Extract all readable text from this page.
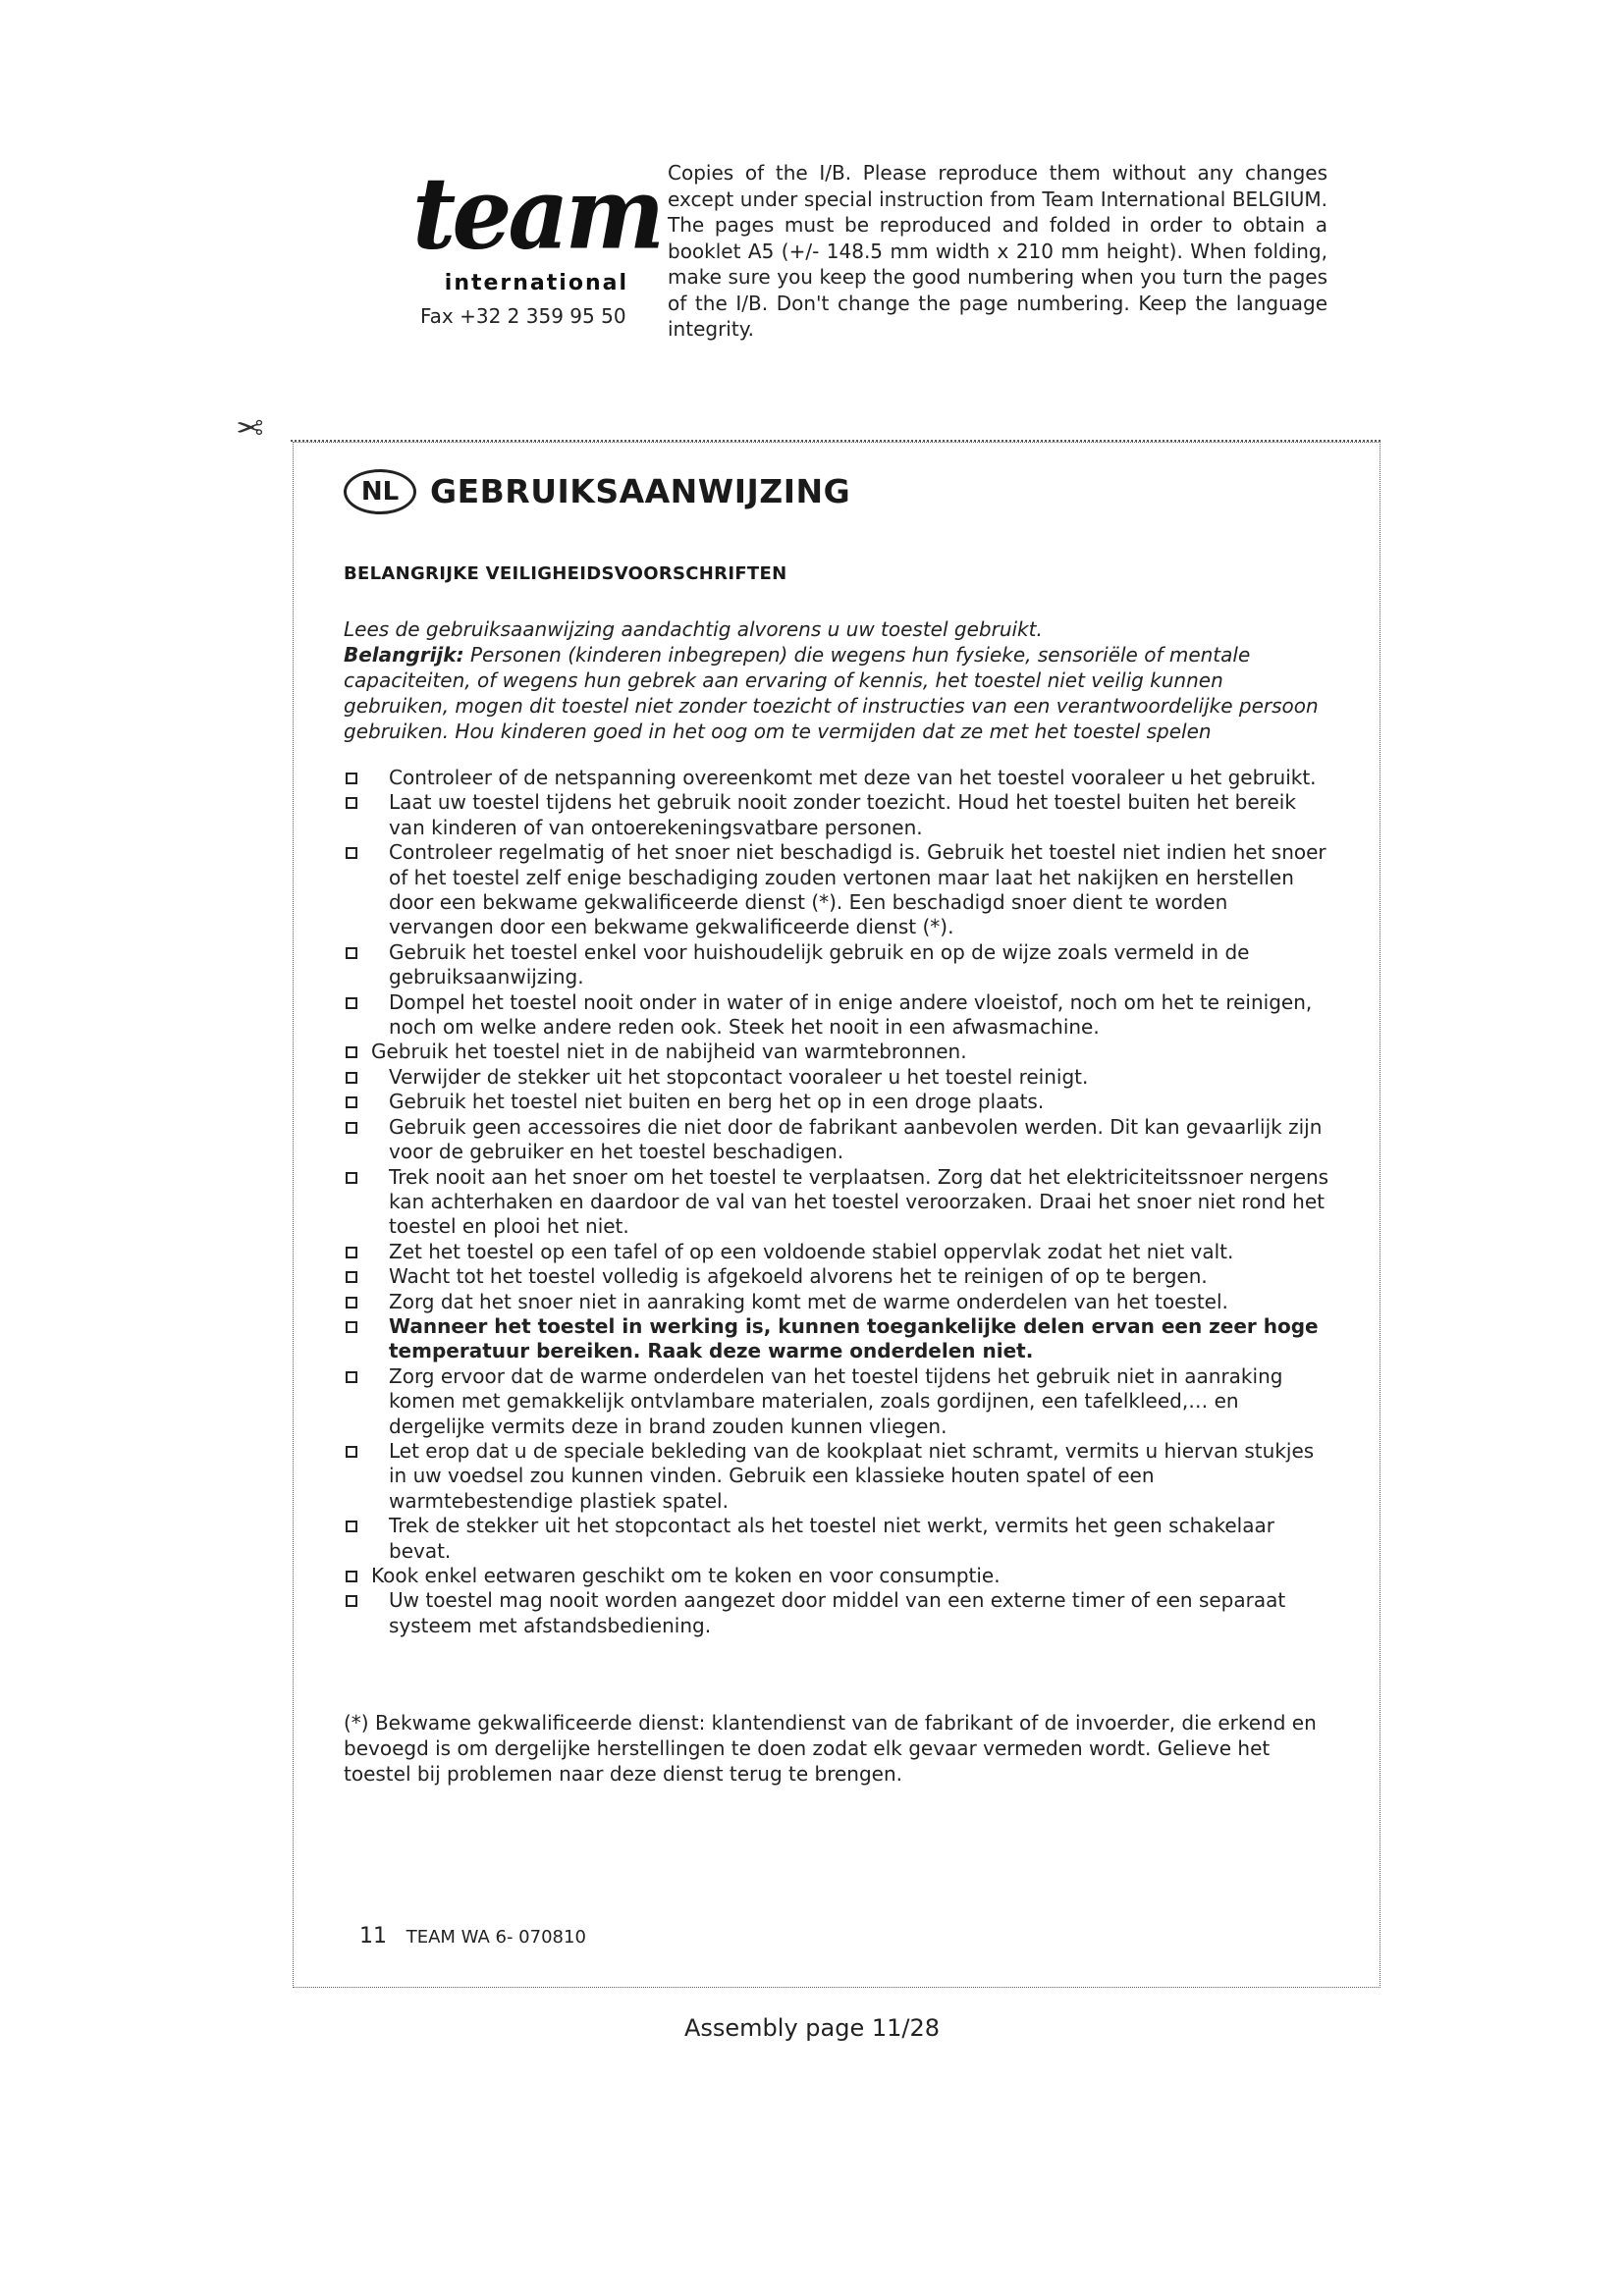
team
international
Fax +32 2 359 95 50
Copies of the I/B. Please reproduce them without any changes except under special instruction from Team International BELGIUM. The pages must be reproduced and folded in order to obtain a booklet A5 (+/- 148.5 mm width x 210 mm height). When folding, make sure you keep the good numbering when you turn the pages of the I/B. Don't change the page numbering. Keep the language integrity.
✂
NL GEBRUIKSAANWIJZING
BELANGRIJKE VEILIGHEIDSVOORSCHRIFTEN

Lees de gebruiksaanwijzing aandachtig alvorens u uw toestel gebruikt.

Belangrijk: Personen (kinderen inbegrepen) die wegens hun fysieke, sensoriële of mentale capaciteiten, of wegens hun gebrek aan ervaring of kennis, het toestel niet veilig kunnen gebruiken, mogen dit toestel niet zonder toezicht of instructies van een verantwoordelijke persoon gebruiken. Hou kinderen goed in het oog om te vermijden dat ze met het toestel spelen

Controleer of de netspanning overeenkomt met deze van het toestel vooraleer u het gebruikt.
Laat uw toestel tijdens het gebruik nooit zonder toezicht. Houd het toestel buiten het bereik van kinderen of van ontoerekeningsvatbare personen.
Controleer regelmatig of het snoer niet beschadigd is. Gebruik het toestel niet indien het snoer of het toestel zelf enige beschadiging zouden vertonen maar laat het nakijken en herstellen door een bekwame gekwalificeerde dienst (*). Een beschadigd snoer dient te worden vervangen door een bekwame gekwalificeerde dienst (*).
Gebruik het toestel enkel voor huishoudelijk gebruik en op de wijze zoals vermeld in de gebruiksaanwijzing.
Dompel het toestel nooit onder in water of in enige andere vloeistof, noch om het te reinigen, noch om welke andere reden ook. Steek het nooit in een afwasmachine.
Gebruik het toestel niet in de nabijheid van warmtebronnen.
Verwijder de stekker uit het stopcontact vooraleer u het toestel reinigt.
Gebruik het toestel niet buiten en berg het op in een droge plaats.
Gebruik geen accessoires die niet door de fabrikant aanbevolen werden. Dit kan gevaarlijk zijn voor de gebruiker en het toestel beschadigen.
Trek nooit aan het snoer om het toestel te verplaatsen. Zorg dat het elektriciteitssnoer nergens kan achterhaken en daardoor de val van het toestel veroorzaken. Draai het snoer niet rond het toestel en plooi het niet.
Zet het toestel op een tafel of op een voldoende stabiel oppervlak zodat het niet valt.
Wacht tot het toestel volledig is afgekoeld alvorens het te reinigen of op te bergen.
Zorg dat het snoer niet in aanraking komt met de warme onderdelen van het toestel.
Wanneer het toestel in werking is, kunnen toegankelijke delen ervan een zeer hoge temperatuur bereiken. Raak deze warme onderdelen niet.
Zorg ervoor dat de warme onderdelen van het toestel tijdens het gebruik niet in aanraking komen met gemakkelijk ontvlambare materialen, zoals gordijnen, een tafelkleed,… en dergelijke vermits deze in brand zouden kunnen vliegen.
Let erop dat u de speciale bekleding van de kookplaat niet schramt, vermits u hiervan stukjes in uw voedsel zou kunnen vinden. Gebruik een klassieke houten spatel of een warmtebestendige plastiek spatel.
Trek de stekker uit het stopcontact als het toestel niet werkt, vermits het geen schakelaar bevat.
Kook enkel eetwaren geschikt om te koken en voor consumptie.
Uw toestel mag nooit worden aangezet door middel van een externe timer of een separaat systeem met afstandsbediening.
(*) Bekwame gekwalificeerde dienst: klantendienst van de fabrikant of de invoerder, die erkend en bevoegd is om dergelijke herstellingen te doen zodat elk gevaar vermeden wordt. Gelieve het toestel bij problemen naar deze dienst terug te brengen.
11 TEAM WA 6- 070810
Assembly page 11/28
